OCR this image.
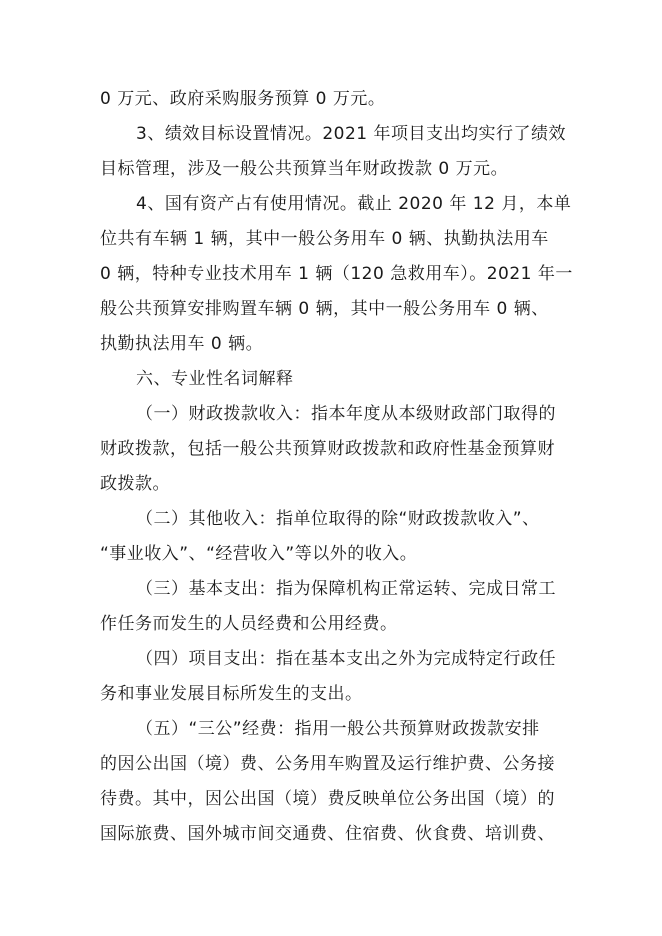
0 万元、政府采购服务预算 0 万元。
3、绩效目标设置情况。2021 年项目支出均实行了绩效
目标管理，涉及一般公共预算当年财政拨款 0 万元。
4、国有资产占有使用情况。截止 2020 年 12 月，本单
位共有车辆 1 辆，其中一般公务用车 0 辆、执勤执法用车
0 辆，特种专业技术用车 1 辆（120 急救用车）。2021 年一
般公共预算安排购置车辆 0 辆，其中一般公务用车 0 辆、
执勤执法用车 0 辆。
六、专业性名词解释
（一）财政拨款收入：指本年度从本级财政部门取得的
财政拨款，包括一般公共预算财政拨款和政府性基金预算财
政拨款。
（二）其他收入：指单位取得的除“财政拨款收入”、
“事业收入”、“经营收入”等以外的收入。
（三）基本支出：指为保障机构正常运转、完成日常工
作任务而发生的人员经费和公用经费。
（四）项目支出：指在基本支出之外为完成特定行政任
务和事业发展目标所发生的支出。
（五）“三公”经费：指用一般公共预算财政拨款安排
的因公出国（境）费、公务用车购置及运行维护费、公务接
待费。其中，因公出国（境）费反映单位公务出国（境）的
国际旅费、国外城市间交通费、住宿费、伙食费、培训费、
